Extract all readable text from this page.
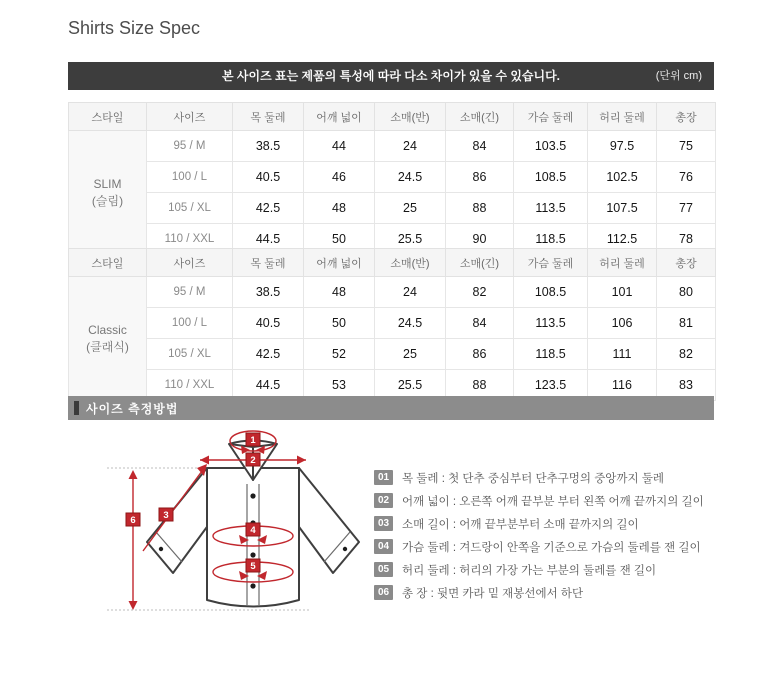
Shirts Size Spec
본 사이즈 표는 제품의 특성에 따라 다소 차이가 있을 수 있습니다.	(단위 cm)
스타일	사이즈	목 둘레	어깨 넓이	소매(반)	소매(긴)	가슴 둘레	허리 둘레	총장

SLIM
(슬림)	95 / M	38.5	44	24	84	103.5	97.5	75
	100 / L	40.5	46	24.5	86	108.5	102.5	76
	105 / XL	42.5	48	25	88	113.5	107.5	77
	110 / XXL	44.5	50	25.5	90	118.5	112.5	78
스타일	사이즈	목 둘레	어깨 넓이	소매(반)	소매(긴)	가슴 둘레	허리 둘레	총장

Classic
(클래식)	95 / M	38.5	48	24	82	108.5	101	80
	100 / L	40.5	50	24.5	84	113.5	106	81
	105 / XL	42.5	52	25	86	118.5	111	82
	110 / XXL	44.5	53	25.5	88	123.5	116	83
사이즈 측정방법
1
2
3
6
4
5
01	목 둘레 : 첫 단추 중심부터 단추구멍의 중앙까지 둘레
02	어깨 넓이 : 오른쪽 어깨 끝부분 부터 왼쪽 어깨 끝까지의 길이
03	소매 길이 : 어깨 끝부분부터 소매 끝까지의 길이
04	가슴 둘레 : 겨드랑이 안쪽을 기준으로 가슴의 둘레를 잰 길이
05	허리 둘레 : 허리의 가장 가는 부분의 둘레를 잰 길이
06	총 장 : 뒷면 카라 밑 재봉선에서 하단
